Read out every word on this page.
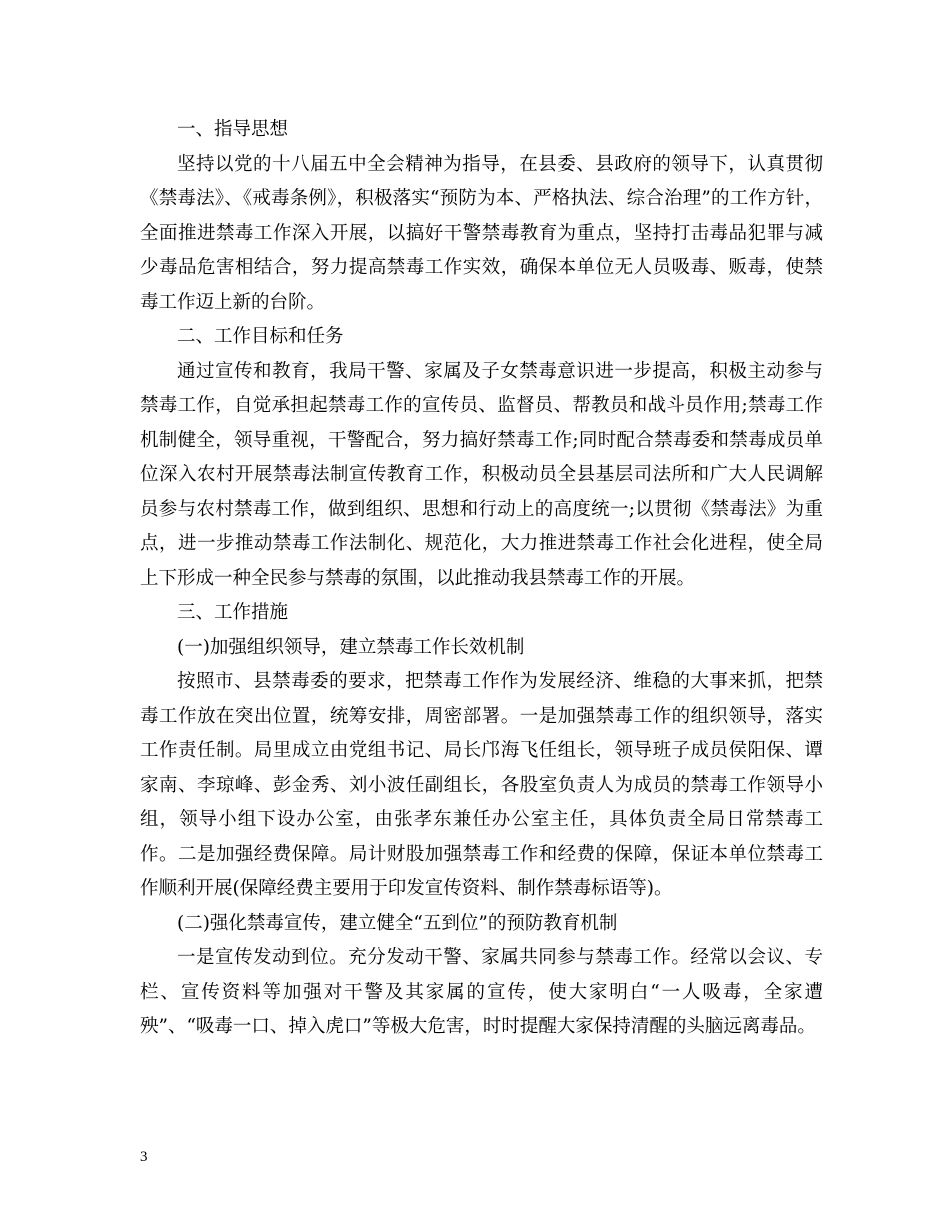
一、指导思想

坚持以党的十八届五中全会精神为指导，在县委、县政府的领导下，认真贯彻《禁毒法》、《戒毒条例》，积极落实“预防为本、严格执法、综合治理”的工作方针，全面推进禁毒工作深入开展，以搞好干警禁毒教育为重点，坚持打击毒品犯罪与减少毒品危害相结合，努力提高禁毒工作实效，确保本单位无人员吸毒、贩毒，使禁毒工作迈上新的台阶。

二、工作目标和任务

通过宣传和教育，我局干警、家属及子女禁毒意识进一步提高，积极主动参与禁毒工作，自觉承担起禁毒工作的宣传员、监督员、帮教员和战斗员作用;禁毒工作机制健全，领导重视，干警配合，努力搞好禁毒工作;同时配合禁毒委和禁毒成员单位深入农村开展禁毒法制宣传教育工作，积极动员全县基层司法所和广大人民调解员参与农村禁毒工作，做到组织、思想和行动上的高度统一;以贯彻《禁毒法》为重点，进一步推动禁毒工作法制化、规范化，大力推进禁毒工作社会化进程，使全局上下形成一种全民参与禁毒的氛围，以此推动我县禁毒工作的开展。

三、工作措施

(一)加强组织领导，建立禁毒工作长效机制

按照市、县禁毒委的要求，把禁毒工作作为发展经济、维稳的大事来抓，把禁毒工作放在突出位置，统筹安排，周密部署。一是加强禁毒工作的组织领导，落实工作责任制。局里成立由党组书记、局长邝海飞任组长，领导班子成员侯阳保、谭家南、李琼峰、彭金秀、刘小波任副组长，各股室负责人为成员的禁毒工作领导小组，领导小组下设办公室，由张孝东兼任办公室主任，具体负责全局日常禁毒工作。二是加强经费保障。局计财股加强禁毒工作和经费的保障，保证本单位禁毒工作顺利开展(保障经费主要用于印发宣传资料、制作禁毒标语等)。

(二)强化禁毒宣传，建立健全“五到位”的预防教育机制

一是宣传发动到位。充分发动干警、家属共同参与禁毒工作。经常以会议、专栏、宣传资料等加强对干警及其家属的宣传，使大家明白“一人吸毒，全家遭殃”、“吸毒一口、掉入虎口”等极大危害，时时提醒大家保持清醒的头脑远离毒品。

3
